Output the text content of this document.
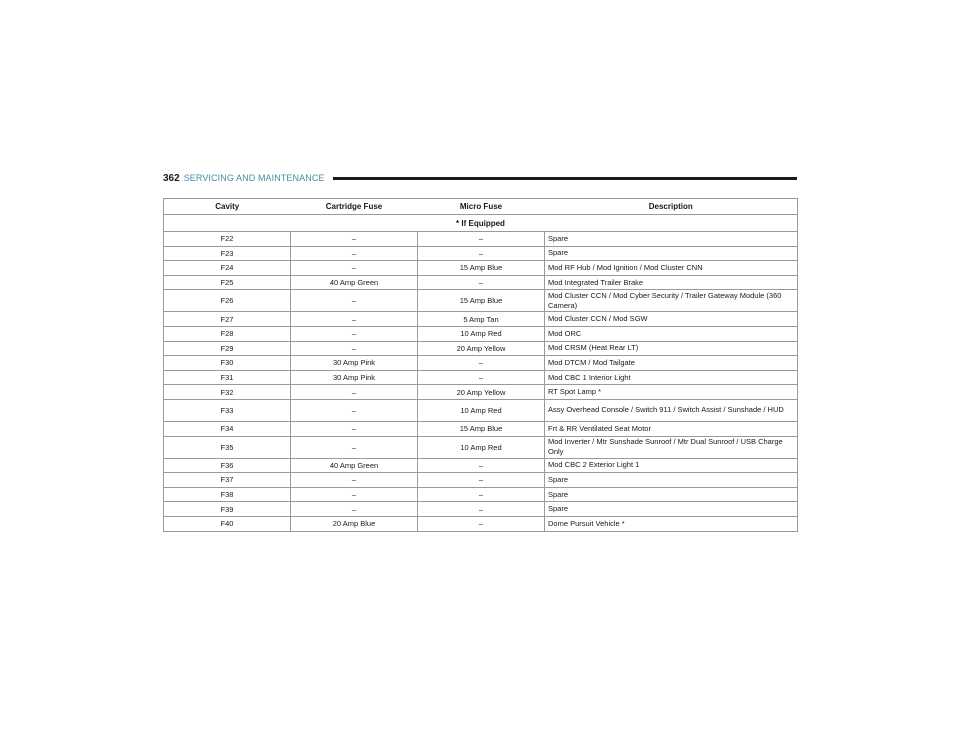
362 SERVICING AND MAINTENANCE
Cavity	Cartridge Fuse	Micro Fuse	Description
* If Equipped			
F22	–	–	Spare
F23	–	–	Spare
F24	–	15 Amp Blue	Mod RF Hub / Mod Ignition / Mod Cluster CNN
F25	40 Amp Green	–	Mod Integrated Trailer Brake
F26	–	15 Amp Blue	Mod Cluster CCN / Mod Cyber Security / Trailer Gateway Module (360 Camera)
F27	–	5 Amp Tan	Mod Cluster CCN / Mod SGW
F28	–	10 Amp Red	Mod ORC
F29	–	20 Amp Yellow	Mod CRSM (Heat Rear LT)
F30	30 Amp Pink	–	Mod DTCM / Mod Tailgate
F31	30 Amp Pink	–	Mod CBC 1 Interior Light
F32	–	20 Amp Yellow	RT Spot Lamp *
F33	–	10 Amp Red	Assy Overhead Console / Switch 911 / Switch Assist / Sunshade / HUD
F34	–	15 Amp Blue	Frt & RR Ventilated Seat Motor
F35	–	10 Amp Red	Mod Inverter / Mtr Sunshade Sunroof / Mtr Dual Sunroof / USB Charge Only
F36	40 Amp Green	–	Mod CBC 2 Exterior Light 1
F37	–	–	Spare
F38	–	–	Spare
F39	–	–	Spare
F40	20 Amp Blue	–	Dome Pursuit Vehicle *
